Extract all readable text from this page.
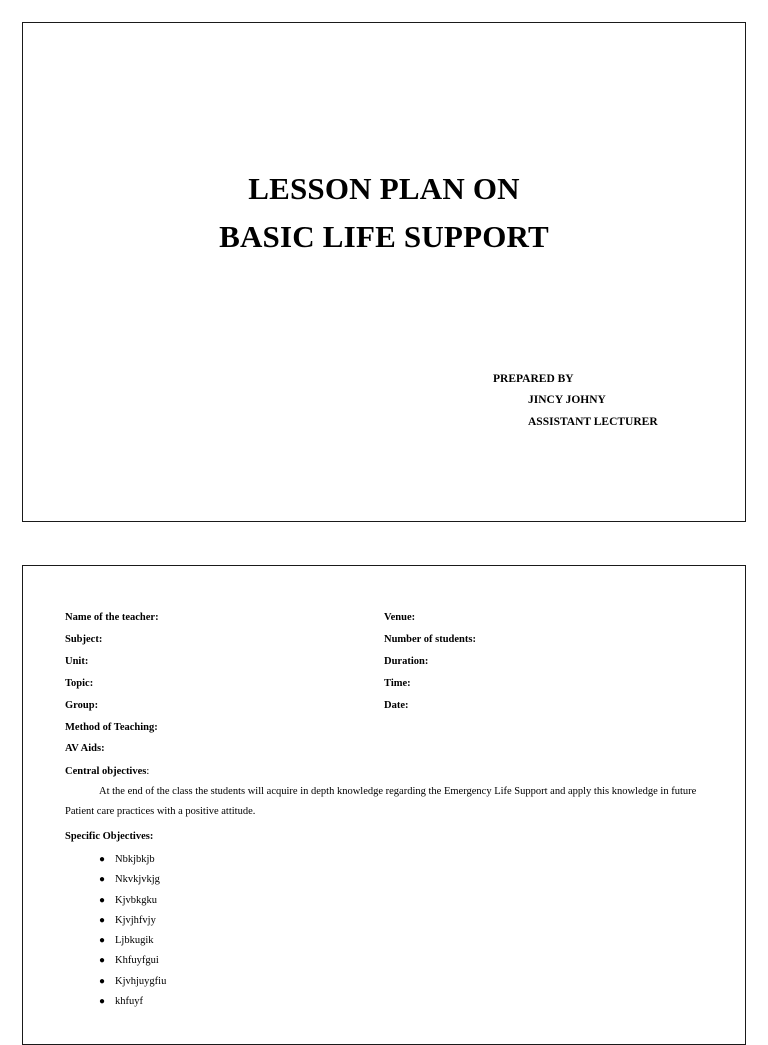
LESSON PLAN ON
BASIC LIFE SUPPORT
PREPARED BY
JINCY JOHNY
ASSISTANT LECTURER
Name of the teacher:
Subject:
Unit:
Topic:
Group:
Method of Teaching:
AV Aids:
Venue:
Number of students:
Duration:
Time:
Date:
Central objectives:
At the end of the class the students will acquire in depth knowledge regarding the Emergency Life Support and apply this knowledge in future Patient care practices with a positive attitude.
Specific Objectives:
● Nbkjbkjb
● Nkvkjvkjg
● Kjvbkgku
● Kjvjhfvjy
● Ljbkugik
● Khfuyfgui
● Kjvhjuygfiu
● khfuyf
